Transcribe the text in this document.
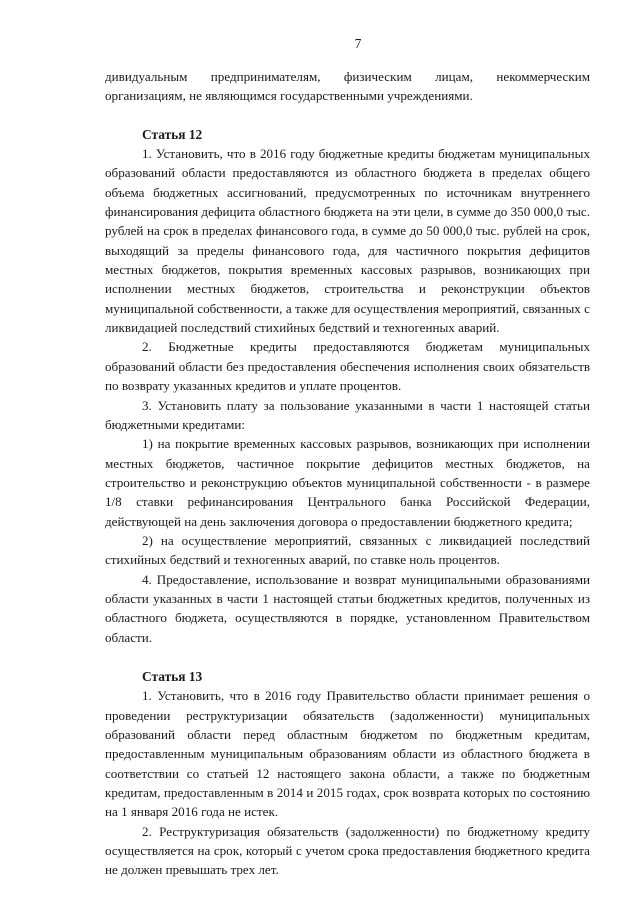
7

дивидуальным предпринимателям, физическим лицам, некоммерческим организациям, не являющимся государственными учреждениями.

Статья 12

1. Установить, что в 2016 году бюджетные кредиты бюджетам муниципальных образований области предоставляются из областного бюджета в пределах общего объема бюджетных ассигнований, предусмотренных по источникам внутреннего финансирования дефицита областного бюджета на эти цели, в сумме до 350 000,0 тыс. рублей на срок в пределах финансового года, в сумме до 50 000,0 тыс. рублей на срок, выходящий за пределы финансового года, для частичного покрытия дефицитов местных бюджетов, покрытия временных кассовых разрывов, возникающих при исполнении местных бюджетов, строительства и реконструкции объектов муниципальной собственности, а также для осуществления мероприятий, связанных с ликвидацией последствий стихийных бедствий и техногенных аварий.

2. Бюджетные кредиты предоставляются бюджетам муниципальных образований области без предоставления обеспечения исполнения своих обязательств по возврату указанных кредитов и уплате процентов.

3. Установить плату за пользование указанными в части 1 настоящей статьи бюджетными кредитами:

1) на покрытие временных кассовых разрывов, возникающих при исполнении местных бюджетов, частичное покрытие дефицитов местных бюджетов, на строительство и реконструкцию объектов муниципальной собственности - в размере 1/8 ставки рефинансирования Центрального банка Российской Федерации, действующей на день заключения договора о предоставлении бюджетного кредита;

2) на осуществление мероприятий, связанных с ликвидацией последствий стихийных бедствий и техногенных аварий, по ставке ноль процентов.

4. Предоставление, использование и возврат муниципальными образованиями области указанных в части 1 настоящей статьи бюджетных кредитов, полученных из областного бюджета, осуществляются в порядке, установленном Правительством области.

Статья 13

1. Установить, что в 2016 году Правительство области принимает решения о проведении реструктуризации обязательств (задолженности) муниципальных образований области перед областным бюджетом по бюджетным кредитам, предоставленным муниципальным образованиям области из областного бюджета в соответствии со статьей 12 настоящего закона области, а также по бюджетным кредитам, предоставленным в 2014 и 2015 годах, срок возврата которых по состоянию на 1 января 2016 года не истек.

2. Реструктуризация обязательств (задолженности) по бюджетному кредиту осуществляется на срок, который с учетом срока предоставления бюджетного кредита не должен превышать трех лет.
